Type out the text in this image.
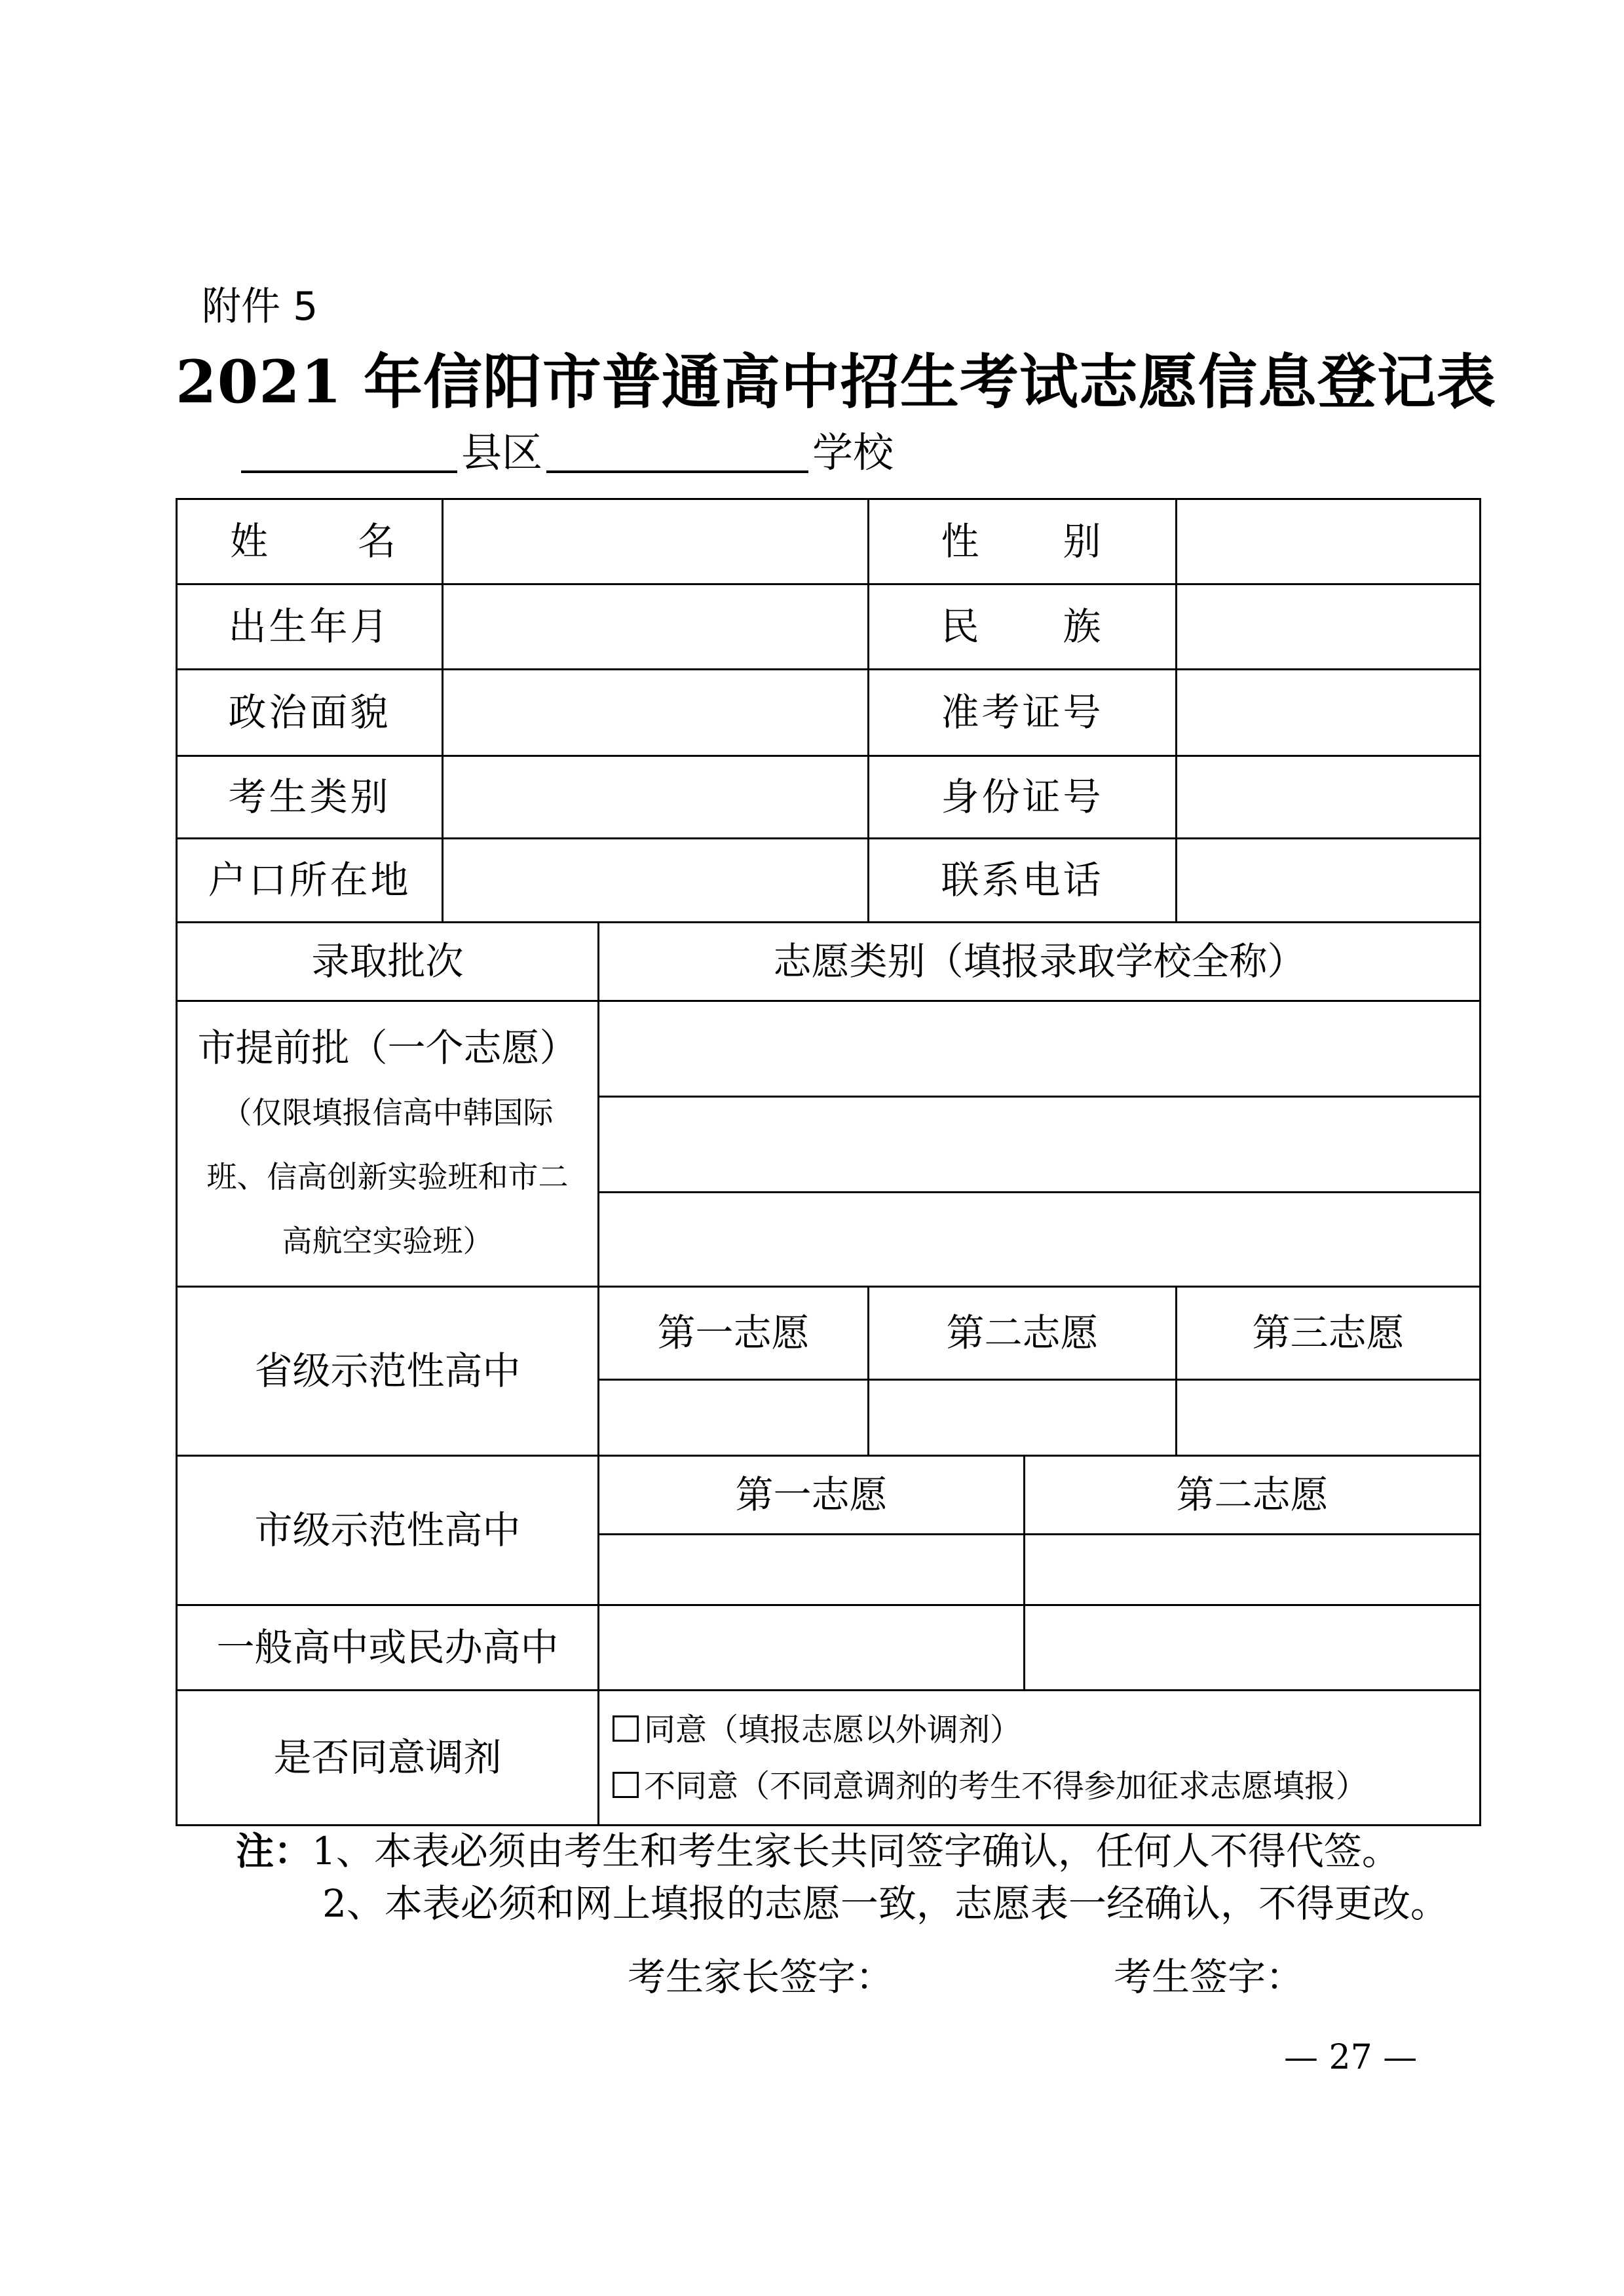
附件 5
2021 年信阳市普通高中招生考试志愿信息登记表
县区	学校
姓 名			性　　别		
出生年月			民　　族		
政治面貌			准考证号		
考生类别			身份证号		
户口所在地			联系电话		
录取批次		志愿类别（填报录取学校全称）			

市提前批（一个志愿）
（仅限填报信高中韩国际
班、信高创新实验班和市二
高航空实验班）					

省级示范性高中		第一志愿	第二志愿		第三志愿

市级示范性高中		第一志愿		第二志愿	

一般高中或民办高中					
是否同意调剂		同意（填报志愿以外调剂）
不同意（不同意调剂的考生不得参加征求志愿填报）			
注：1、本表必须由考生和考生家长共同签字确认，任何人不得代签。
2、本表必须和网上填报的志愿一致，志愿表一经确认，不得更改。
考生家长签字：	考生签字：
— 27 —
